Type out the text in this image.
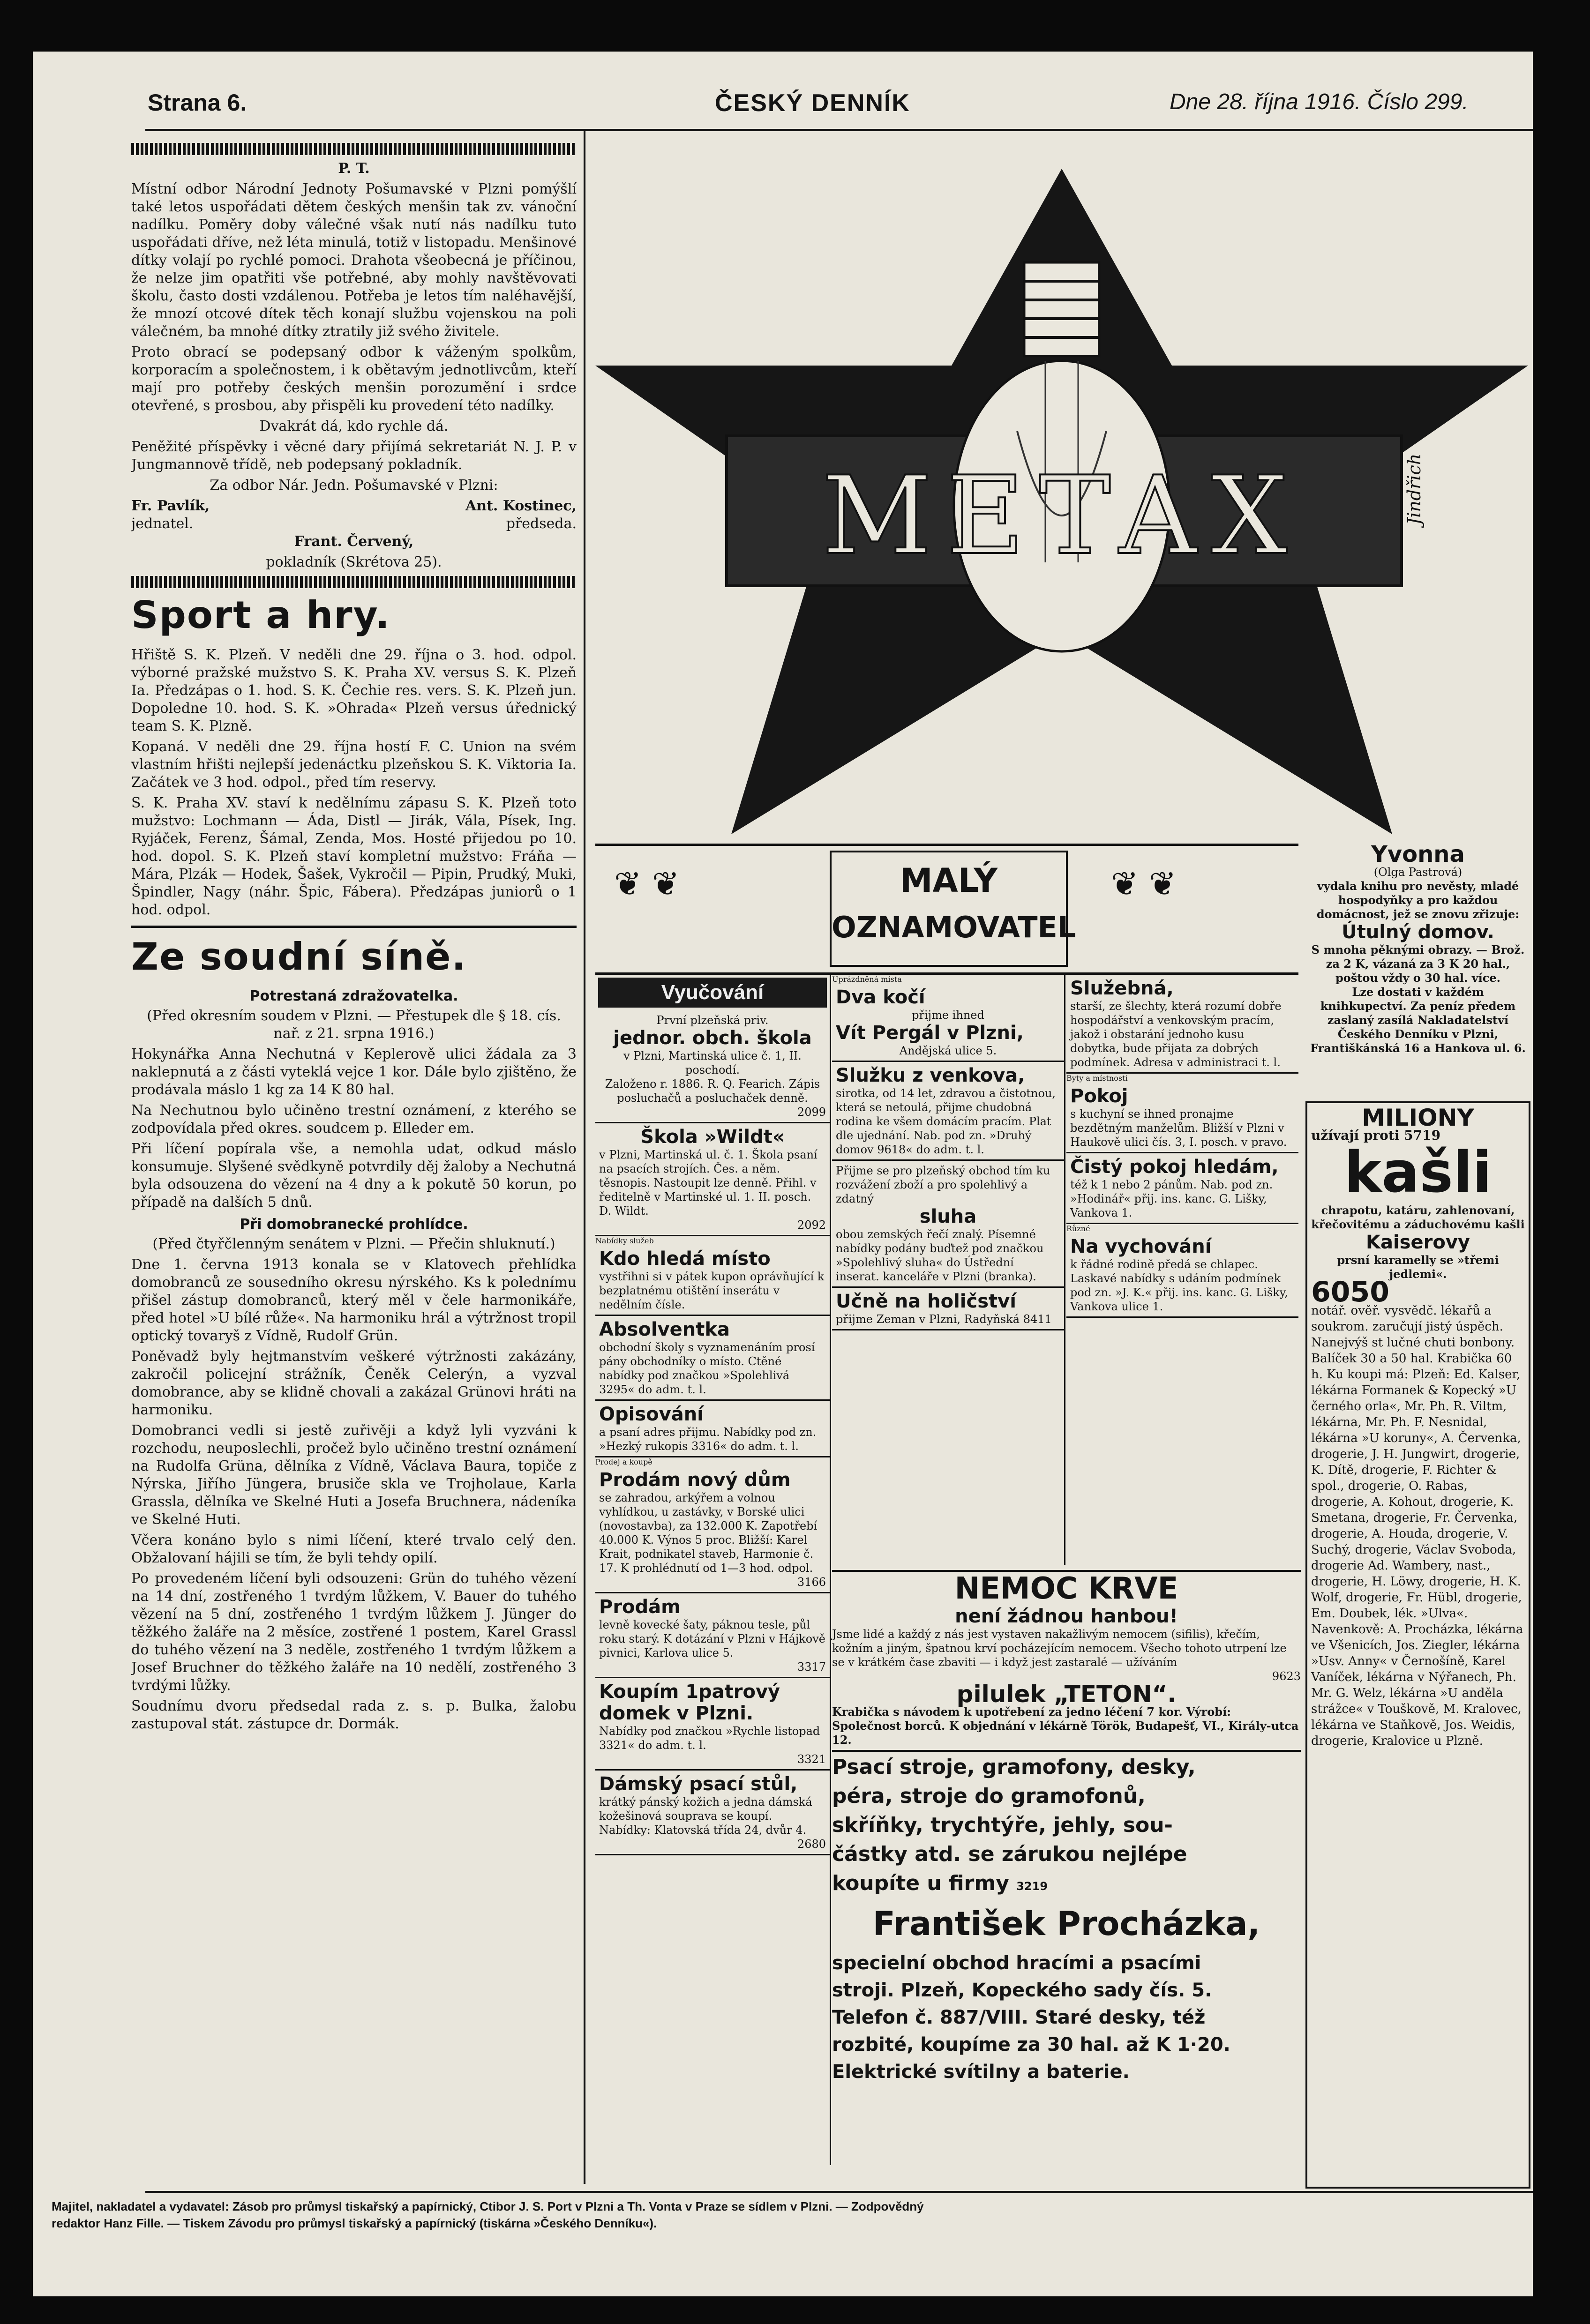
Strana 6.	ČESKÝ DENNÍK	Dne 28. října 1916. Číslo 299.

P. T.

Místní odbor Národní Jednoty Pošumavské v Plzni pomýšlí také letos uspořádati dětem českých menšin tak zv. vánoční nadílku. Poměry doby válečné však nutí nás nadílku tuto uspořádati dříve, než léta minulá, totiž v listopadu. Menšinové dítky volají po rychlé pomoci. Drahota všeobecná je příčinou, že nelze jim opatřiti vše potřebné, aby mohly navštěvovati školu, často dosti vzdálenou. Potřeba je letos tím naléhavější, že mnozí otcové dítek těch konají službu vojenskou na poli válečném, ba mnohé dítky ztratily již svého živitele.

Proto obrací se podepsaný odbor k váženým spolkům, korporacím a společnostem, i k obětavým jednotlivcům, kteří mají pro potřeby českých menšin porozumění i srdce otevřené, s prosbou, aby přispěli ku provedení této nadílky.

Dvakrát dá, kdo rychle dá.

Peněžité příspěvky i věcné dary přijímá sekretariát N. J. P. v Jungmannově třídě, neb podepsaný pokladník.

Za odbor Nár. Jedn. Pošumavské v Plzni:

Fr. Pavlík,	Ant. Kostinec,
jednatel.	předseda.

Frant. Červený,

pokladník (Skrétova 25).

Sport a hry.

Hřiště S. K. Plzeň. V neděli dne 29. října o 3. hod. odpol. výborné pražské mužstvo S. K. Praha XV. versus S. K. Plzeň Ia. Předzápas o 1. hod. S. K. Čechie res. vers. S. K. Plzeň jun. Dopoledne 10. hod. S. K. »Ohrada« Plzeň versus úřednický team S. K. Plzně.

Kopaná. V neděli dne 29. října hostí F. C. Union na svém vlastním hřišti nejlepší jedenáctku plzeňskou S. K. Viktoria Ia. Začátek ve 3 hod. odpol., před tím reservy.

S. K. Praha XV. staví k nedělnímu zápasu S. K. Plzeň toto mužstvo: Lochmann — Áda, Distl — Jirák, Vála, Písek, Ing. Ryjáček, Ferenz, Šámal, Zenda, Mos. Hosté přijedou po 10. hod. dopol. S. K. Plzeň staví kompletní mužstvo: Fráňa — Mára, Plzák — Hodek, Šašek, Vykročil — Pipin, Prudký, Muki, Špindler, Nagy (náhr. Špic, Fábera). Předzápas juniorů o 1 hod. odpol.

Ze soudní síně.
Potrestaná zdražovatelka.

(Před okresním soudem v Plzni. — Přestupek dle § 18. cís. nař. z 21. srpna 1916.)

Hokynářka Anna Nechutná v Keplerově ulici žádala za 3 naklepnutá a z části vyteklá vejce 1 kor. Dále bylo zjištěno, že prodávala máslo 1 kg za 14 K 80 hal.

Na Nechutnou bylo učiněno trestní oznámení, z kterého se zodpovídala před okres. soudcem p. Elleder em.

Při líčení popírala vše, a nemohla udat, odkud máslo konsumuje. Slyšené svědkyně potvrdily děj žaloby a Nechutná byla odsouzena do vězení na 4 dny a k pokutě 50 korun, po případě na dalších 5 dnů.

Při domobranecké prohlídce.

(Před čtyřčlenným senátem v Plzni. — Přečin shluknutí.)

Dne 1. června 1913 konala se v Klatovech přehlídka domobranců ze sousedního okresu nýrského. Ks k polednímu přišel zástup domobranců, který měl v čele harmonikáře, před hotel »U bílé růže«. Na harmoniku hrál a výtržnost tropil optický tovaryš z Vídně, Rudolf Grün.

Poněvadž byly hejtmanstvím veškeré výtržnosti zakázány, zakročil policejní strážník, Čeněk Celerýn, a vyzval domobrance, aby se klidně chovali a zakázal Grünovi hráti na harmoniku.

Domobranci vedli si jestě zuřivěji a když lyli vyzváni k rozchodu, neuposlechli, pročež bylo učiněno trestní oznámení na Rudolfa Grüna, dělníka z Vídně, Václava Baura, topiče z Nýrska, Jiřího Jüngera, brusiče skla ve Trojholaue, Karla Grassla, dělníka ve Skelné Huti a Josefa Bruchnera, nádeníka ve Skelné Huti.

Včera konáno bylo s nimi líčení, které trvalo celý den. Obžalovaní hájili se tím, že byli tehdy opilí.

Po provedeném líčení byli odsouzeni: Grün do tuhého vězení na 14 dní, zostřeného 1 tvrdým lůžkem, V. Bauer do tuhého vězení na 5 dní, zostřeného 1 tvrdým lůžkem J. Jünger do těžkého žaláře na 2 měsíce, zostřené 1 postem, Karel Grassl do tuhého vězení na 3 neděle, zostřeného 1 tvrdým lůžkem a Josef Bruchner do těžkého žaláře na 10 nedělí, zostřeného 3 tvrdými lůžky.

Soudnímu dvoru předsedal rada z. s. p. Bulka, žalobu zastupoval stát. zástupce dr. Dormák.

METAX	Jindřich
❦ ❦	MALÝ
OZNAMOVATEL
❦ ❦
Vyučování
První plzeňská priv.
jednor. obch. škola
v Plzni, Martinská ulice č. 1, II. poschodí.
Založeno r. 1886. R. Q. Fearich. Zápis posluchačů a posluchaček denně.
2099
Škola »Wildt«
v Plzni, Martinská ul. č. 1. Škola psaní na psacích strojích. Čes. a něm. těsnopis. Nastoupit lze denně. Přihl. v ředitelně v Martinské ul. 1. II. posch. D. Wildt.
2092
Nabídky služeb
Kdo hledá místo
vystřihni si v pátek kupon oprávňující k bezplatnému otištění inserátu v nedělním čísle.
Absolventka
obchodní školy s vyznamenáním prosí pány obchodníky o místo. Ctěné nabídky pod značkou »Spolehlivá 3295« do adm. t. l.
Opisování
a psaní adres přijmu. Nabídky pod zn. »Hezký rukopis 3316« do adm. t. l.
Prodej a koupě
Prodám nový dům
se zahradou, arkýřem a volnou vyhlídkou, u zastávky, v Borské ulici (novostavba), za 132.000 K. Zapotřebí 40.000 K. Výnos 5 proc. Bližší: Karel Krait, podnikatel staveb, Harmonie č. 17. K prohlédnutí od 1—3 hod. odpol.
3166
Prodám
levně kovecké šaty, páknou tesle, půl roku starý. K dotázání v Plzni v Hájkově pivnici, Karlova ulice 5.
3317
Koupím 1patrový domek v Plzni.
Nabídky pod značkou »Rychle listopad 3321« do adm. t. l.
3321
Dámský psací stůl,
krátký pánský kožich a jedna dámská kožešinová souprava se koupí. Nabídky: Klatovská třída 24, dvůr 4.
2680
Uprázdněná místa
Dva kočí
přijme ihned
Vít Pergál v Plzni,
Andějská ulice 5.
Služku z venkova,
sirotka, od 14 let, zdravou a čistotnou, která se netoulá, přijme chudobná rodina ke všem domácím pracím. Plat dle ujednání. Nab. pod zn. »Druhý domov 9618« do adm. t. l.
Přijme se pro plzeňský obchod tím ku rozvážení zboží a pro spolehlivý a zdatný
sluha
obou zemských řečí znalý. Písemné nabídky podány buďtež pod značkou »Spolehlivý sluha« do Ústřední inserat. kanceláře v Plzni (branka).
Učně na holičství
přijme Zeman v Plzni, Radyňská 8411
Služebná,
starší, ze šlechty, která rozumí dobře hospodářství a venkovským pracím, jakož i obstarání jednoho kusu dobytka, bude přijata za dobrých podmínek. Adresa v administraci t. l.
Byty a místnosti
Pokoj
s kuchyní se ihned pronajme bezdětným manželům. Bližší v Plzni v Haukově ulici čís. 3, I. posch. v pravo.
Čistý pokoj hledám,
též k 1 nebo 2 pánům. Nab. pod zn. »Hodinář« přij. ins. kanc. G. Lišky, Vankova 1.
Různé
Na vychování
k řádné rodině předá se chlapec. Laskavé nabídky s udáním podmínek pod zn. »J. K.« přij. ins. kanc. G. Lišky, Vankova ulice 1.
Yvonna
(Olga Pastrová)
vydala knihu pro nevěsty, mladé hospodyňky a pro každou domácnost, jež se znovu zřizuje:
Útulný domov.
S mnoha pěknými obrazy. — Brož. za 2 K, vázaná za 3 K 20 hal., poštou vždy o 30 hal. více.
Lze dostati v každém knihkupectví. Za peníz předem zaslaný zasílá Nakladatelství Českého Denníku v Plzni, Františkánská 16 a Hankova ul. 6.
MILIONY
užívají proti 5719
kašli
chrapotu, katáru, zahlenovaní, křečovitému a záduchovému kašli
Kaiserovy
prsní karamelly se »třemi jedlemi«.
6050
notář. ověř. vysvědč. lékařů a soukrom. zaručují jistý úspěch. Nanejvýš st lučné chuti bonbony. Balíček 30 a 50 hal. Krabička 60 h. Ku koupi má: Plzeň: Ed. Kalser, lékárna Formanek & Kopecký »U černého orla«, Mr. Ph. R. Viltm, lékárna, Mr. Ph. F. Nesnidal, lékárna »U koruny«, A. Červenka, drogerie, J. H. Jungwirt, drogerie, K. Dítě, drogerie, F. Richter & spol., drogerie, O. Rabas, drogerie, A. Kohout, drogerie, K. Smetana, drogerie, Fr. Červenka, drogerie, A. Houda, drogerie, V. Suchý, drogerie, Václav Svoboda, drogerie Ad. Wambery, nast., drogerie, H. Löwy, drogerie, H. K. Wolf, drogerie, Fr. Hübl, drogerie, Em. Doubek, lék. »Ulva«. Navenkově: A. Procházka, lékárna ve Všenicích, Jos. Ziegler, lékárna »Usv. Anny« v Černošíně, Karel Vaníček, lékárna v Nýřanech, Ph. Mr. G. Welz, lékárna »U anděla strážce« v Touškově, M. Kralovec, lékárna ve Staňkově, Jos. Weidis, drogerie, Kralovice u Plzně.
NEMOC KRVE
není žádnou hanbou!
Jsme lidé a každý z nás jest vystaven nakažlivým nemocem (sifilis), křečím, kožním a jiným, špatnou krví pocházejícím nemocem. Všecho tohoto utrpení lze se v krátkém čase zbaviti — i když jest zastaralé — užíváním
9623
pilulek „TETON“.
Krabička s návodem k upotřebení za jedno léčení 7 kor. Výrobí: Společnost borců. K objednání v lékárně Török, Budapešť, VI., Király-utca 12.
Psací stroje, gramofony, desky,
péra, stroje do gramofonů,
skříňky, trychtýře, jehly, sou-
částky atd. se zárukou nejlépe
koupíte u firmy 3219
František Procházka,
specielní obchod hracími a psacími
stroji. Plzeň, Kopeckého sady čís. 5.
Telefon č. 887/VIII. Staré desky, též
rozbité, koupíme za 30 hal. až K 1·20.
Elektrické svítilny a baterie.
Majitel, nakladatel a vydavatel: Zásob pro průmysl tiskařský a papírnický, Ctibor J. S. Port v Plzni a Th. Vonta v Praze se sídlem v Plzni. — Zodpovědný
redaktor Hanz Fille. — Tiskem Závodu pro průmysl tiskařský a papírnický (tiskárna »Českého Denníku«).
